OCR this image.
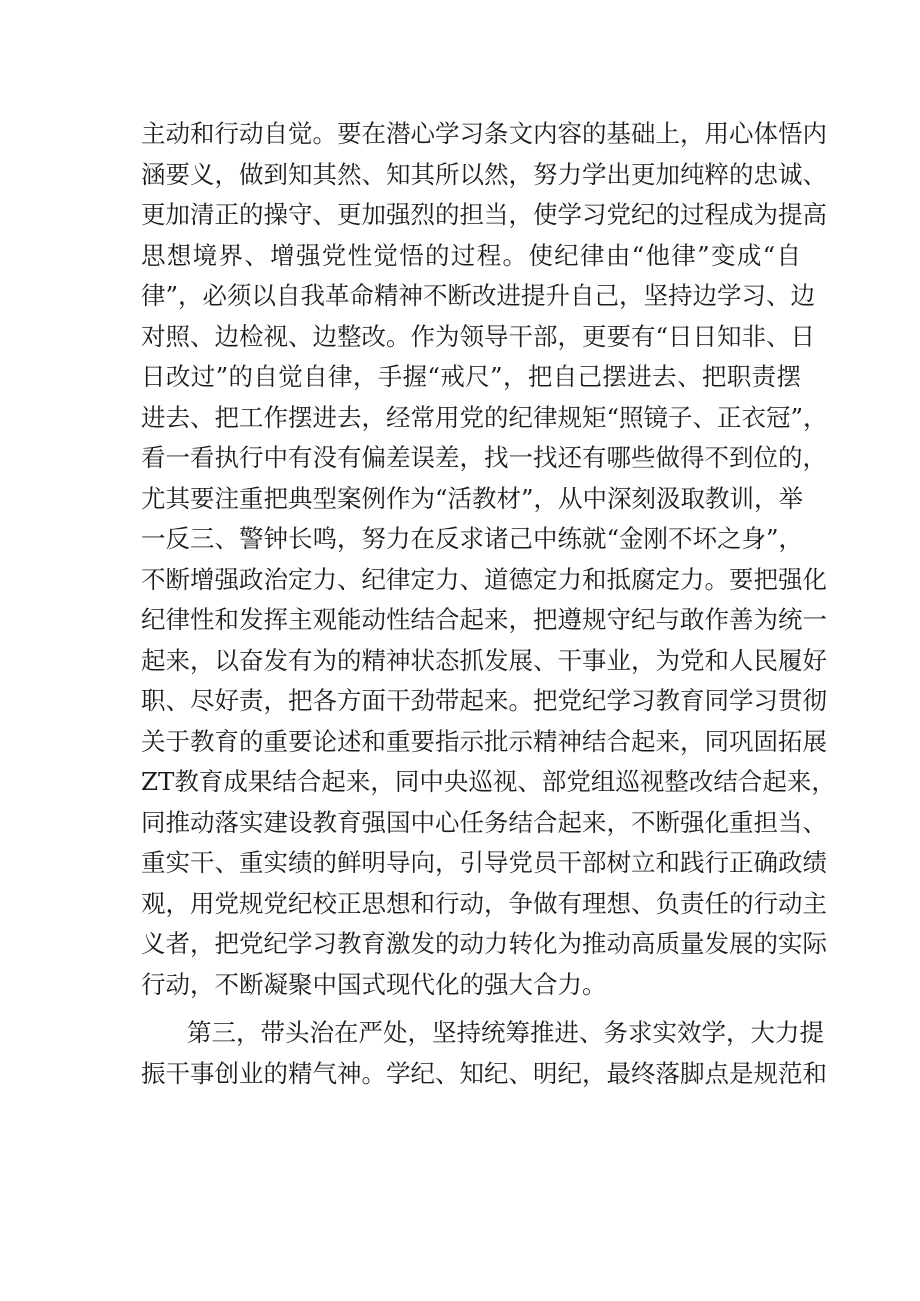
主动和行动自觉。要在潜心学习条文内容的基础上，用心体悟内
涵要义，做到知其然、知其所以然，努力学出更加纯粹的忠诚、
更加清正的操守、更加强烈的担当，使学习党纪的过程成为提高
思想境界、增强党性觉悟的过程。使纪律由“他律”变成“自
律”，必须以自我革命精神不断改进提升自己，坚持边学习、边
对照、边检视、边整改。作为领导干部，更要有“日日知非、日
日改过”的自觉自律，手握“戒尺”，把自己摆进去、把职责摆
进去、把工作摆进去，经常用党的纪律规矩“照镜子、正衣冠”，
看一看执行中有没有偏差误差，找一找还有哪些做得不到位的，
尤其要注重把典型案例作为“活教材”，从中深刻汲取教训，举
一反三、警钟长鸣，努力在反求诸己中练就“金刚不坏之身”，
不断增强政治定力、纪律定力、道德定力和抵腐定力。要把强化
纪律性和发挥主观能动性结合起来，把遵规守纪与敢作善为统一
起来，以奋发有为的精神状态抓发展、干事业，为党和人民履好
职、尽好责，把各方面干劲带起来。把党纪学习教育同学习贯彻
关于教育的重要论述和重要指示批示精神结合起来，同巩固拓展
ZT教育成果结合起来，同中央巡视、部党组巡视整改结合起来，
同推动落实建设教育强国中心任务结合起来，不断强化重担当、
重实干、重实绩的鲜明导向，引导党员干部树立和践行正确政绩
观，用党规党纪校正思想和行动，争做有理想、负责任的行动主
义者，把党纪学习教育激发的动力转化为推动高质量发展的实际
行动，不断凝聚中国式现代化的强大合力。
第三，带头治在严处，坚持统筹推进、务求实效学，大力提
振干事创业的精气神。学纪、知纪、明纪，最终落脚点是规范和
